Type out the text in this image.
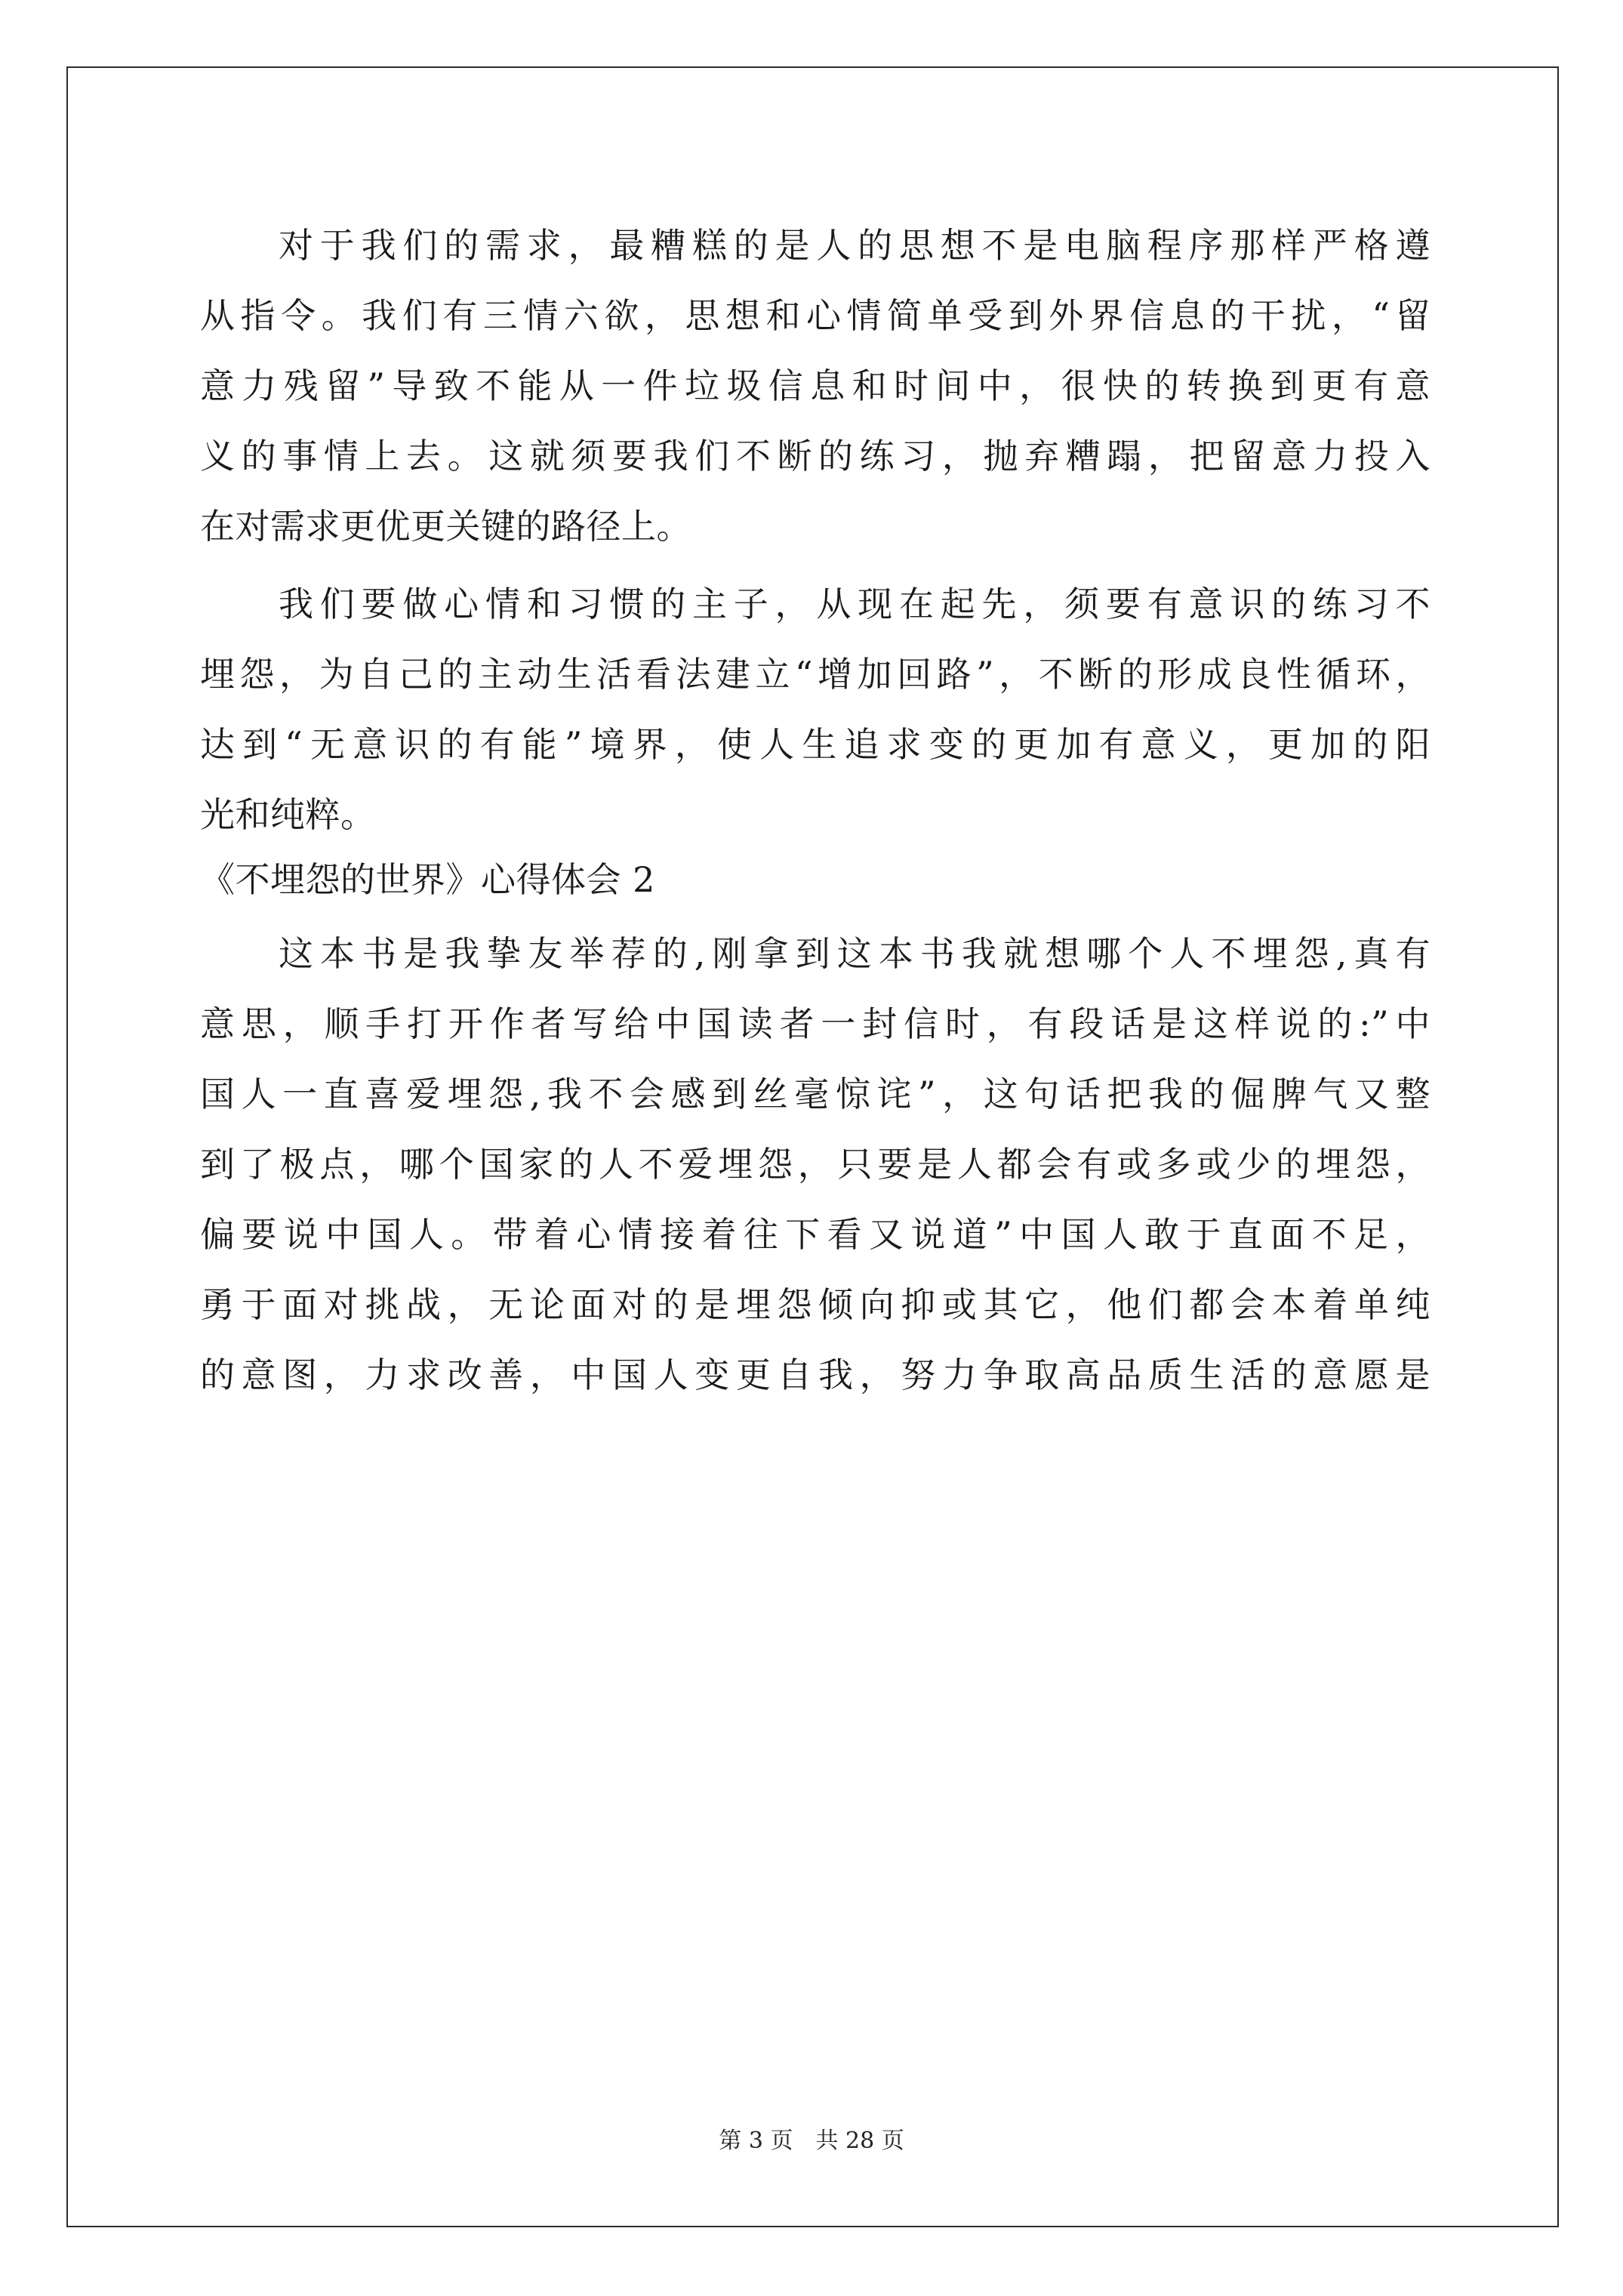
对于我们的需求，最糟糕的是人的思想不是电脑程序那样严格遵
从指令。我们有三情六欲，思想和心情简单受到外界信息的干扰，“留
意力残留”导致不能从一件垃圾信息和时间中，很快的转换到更有意
义的事情上去。这就须要我们不断的练习，抛弃糟蹋，把留意力投入
在对需求更优更关键的路径上。
我们要做心情和习惯的主子，从现在起先，须要有意识的练习不
埋怨，为自己的主动生活看法建立“增加回路”，不断的形成良性循环，
达到“无意识的有能”境界，使人生追求变的更加有意义，更加的阳
光和纯粹。
《不埋怨的世界》心得体会 2
这本书是我挚友举荐的,刚拿到这本书我就想哪个人不埋怨,真有
意思，顺手打开作者写给中国读者一封信时，有段话是这样说的:”中
国人一直喜爱埋怨,我不会感到丝毫惊诧”，这句话把我的倔脾气又整
到了极点，哪个国家的人不爱埋怨，只要是人都会有或多或少的埋怨，
偏要说中国人。带着心情接着往下看又说道”中国人敢于直面不足，
勇于面对挑战，无论面对的是埋怨倾向抑或其它，他们都会本着单纯
的意图，力求改善，中国人变更自我，努力争取高品质生活的意愿是
第 3 页　共 28 页
